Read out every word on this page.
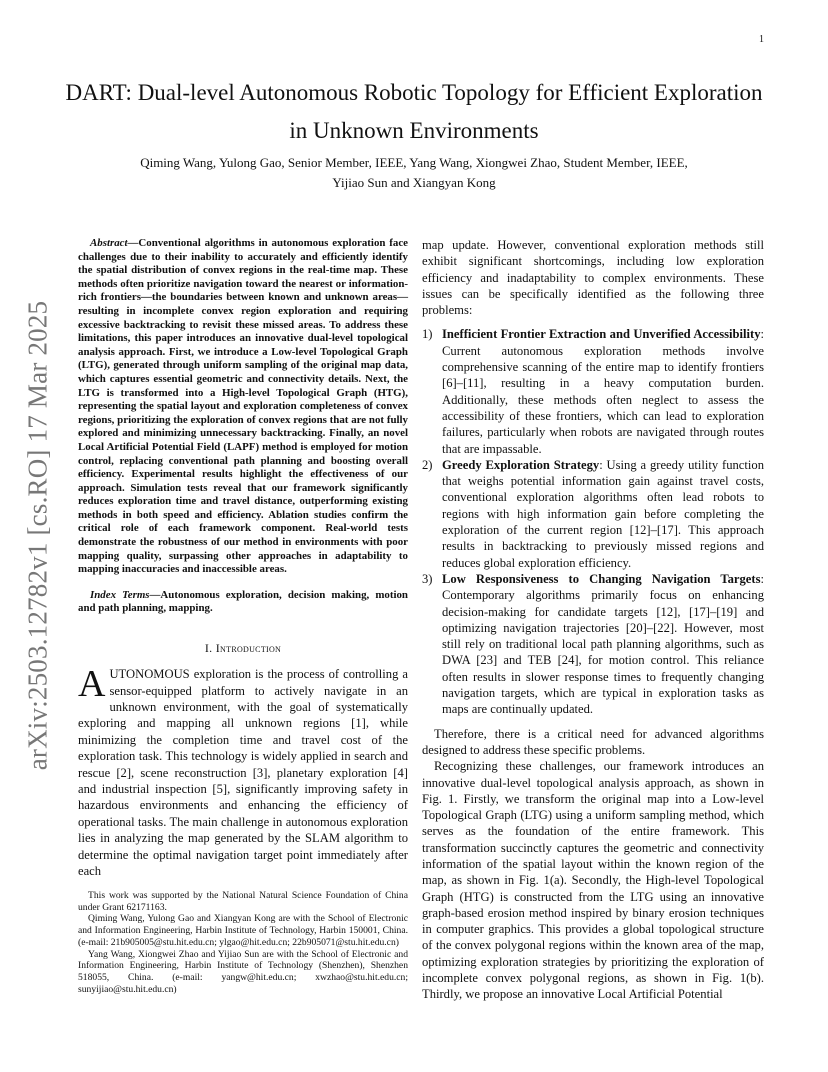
1
arXiv:2503.12782v1 [cs.RO] 17 Mar 2025
DART: Dual-level Autonomous Robotic Topology for Efficient Exploration in Unknown Environments
Qiming Wang, Yulong Gao, Senior Member, IEEE, Yang Wang, Xiongwei Zhao, Student Member, IEEE,
Yijiao Sun and Xiangyan Kong

Abstract—Conventional algorithms in autonomous exploration face challenges due to their inability to accurately and efficiently identify the spatial distribution of convex regions in the real-time map. These methods often prioritize navigation toward the nearest or information-rich frontiers—the boundaries between known and unknown areas—resulting in incomplete convex region exploration and requiring excessive backtracking to revisit these missed areas. To address these limitations, this paper introduces an innovative dual-level topological analysis approach. First, we introduce a Low-level Topological Graph (LTG), generated through uniform sampling of the original map data, which captures essential geometric and connectivity details. Next, the LTG is transformed into a High-level Topological Graph (HTG), representing the spatial layout and exploration completeness of convex regions, prioritizing the exploration of convex regions that are not fully explored and minimizing unnecessary backtracking. Finally, an novel Local Artificial Potential Field (LAPF) method is employed for motion control, replacing conventional path planning and boosting overall efficiency. Experimental results highlight the effectiveness of our approach. Simulation tests reveal that our framework significantly reduces exploration time and travel distance, outperforming existing methods in both speed and efficiency. Ablation studies confirm the critical role of each framework component. Real-world tests demonstrate the robustness of our method in environments with poor mapping quality, surpassing other approaches in adaptability to mapping inaccuracies and inaccessible areas.

Index Terms—Autonomous exploration, decision making, motion and path planning, mapping.

I. Introduction

AUTONOMOUS exploration is the process of controlling a sensor-equipped platform to actively navigate in an unknown environment, with the goal of systematically exploring and mapping all unknown regions [1], while minimizing the completion time and travel cost of the exploration task. This technology is widely applied in search and rescue [2], scene reconstruction [3], planetary exploration [4] and industrial inspection [5], significantly improving safety in hazardous environments and enhancing the efficiency of operational tasks. The main challenge in autonomous exploration lies in analyzing the map generated by the SLAM algorithm to determine the optimal navigation target point immediately after each

This work was supported by the National Natural Science Foundation of China under Grant 62171163.

Qiming Wang, Yulong Gao and Xiangyan Kong are with the School of Electronic and Information Engineering, Harbin Institute of Technology, Harbin 150001, China. (e-mail: 21b905005@stu.hit.edu.cn; ylgao@hit.edu.cn; 22b905071@stu.hit.edu.cn)

Yang Wang, Xiongwei Zhao and Yijiao Sun are with the School of Electronic and Information Engineering, Harbin Institute of Technology (Shenzhen), Shenzhen 518055, China. (e-mail: yangw@hit.edu.cn; xwzhao@stu.hit.edu.cn; sunyijiao@stu.hit.edu.cn)

map update. However, conventional exploration methods still exhibit significant shortcomings, including low exploration efficiency and inadaptability to complex environments. These issues can be specifically identified as the following three problems:

1) Inefficient Frontier Extraction and Unverified Accessibility: Current autonomous exploration methods involve comprehensive scanning of the entire map to identify frontiers [6]–[11], resulting in a heavy computation burden. Additionally, these methods often neglect to assess the accessibility of these frontiers, which can lead to exploration failures, particularly when robots are navigated through routes that are impassable.
2) Greedy Exploration Strategy: Using a greedy utility function that weighs potential information gain against travel costs, conventional exploration algorithms often lead robots to regions with high information gain before completing the exploration of the current region [12]–[17]. This approach results in backtracking to previously missed regions and reduces global exploration efficiency.
3) Low Responsiveness to Changing Navigation Targets: Contemporary algorithms primarily focus on enhancing decision-making for candidate targets [12], [17]–[19] and optimizing navigation trajectories [20]–[22]. However, most still rely on traditional local path planning algorithms, such as DWA [23] and TEB [24], for motion control. This reliance often results in slower response times to frequently changing navigation targets, which are typical in exploration tasks as maps are continually updated.

Therefore, there is a critical need for advanced algorithms designed to address these specific problems.

Recognizing these challenges, our framework introduces an innovative dual-level topological analysis approach, as shown in Fig. 1. Firstly, we transform the original map into a Low-level Topological Graph (LTG) using a uniform sampling method, which serves as the foundation of the entire framework. This transformation succinctly captures the geometric and connectivity information of the spatial layout within the known region of the map, as shown in Fig. 1(a). Secondly, the High-level Topological Graph (HTG) is constructed from the LTG using an innovative graph-based erosion method inspired by binary erosion techniques in computer graphics. This provides a global topological structure of the convex polygonal regions within the known area of the map, optimizing exploration strategies by prioritizing the exploration of incomplete convex polygonal regions, as shown in Fig. 1(b). Thirdly, we propose an innovative Local Artificial Potential
